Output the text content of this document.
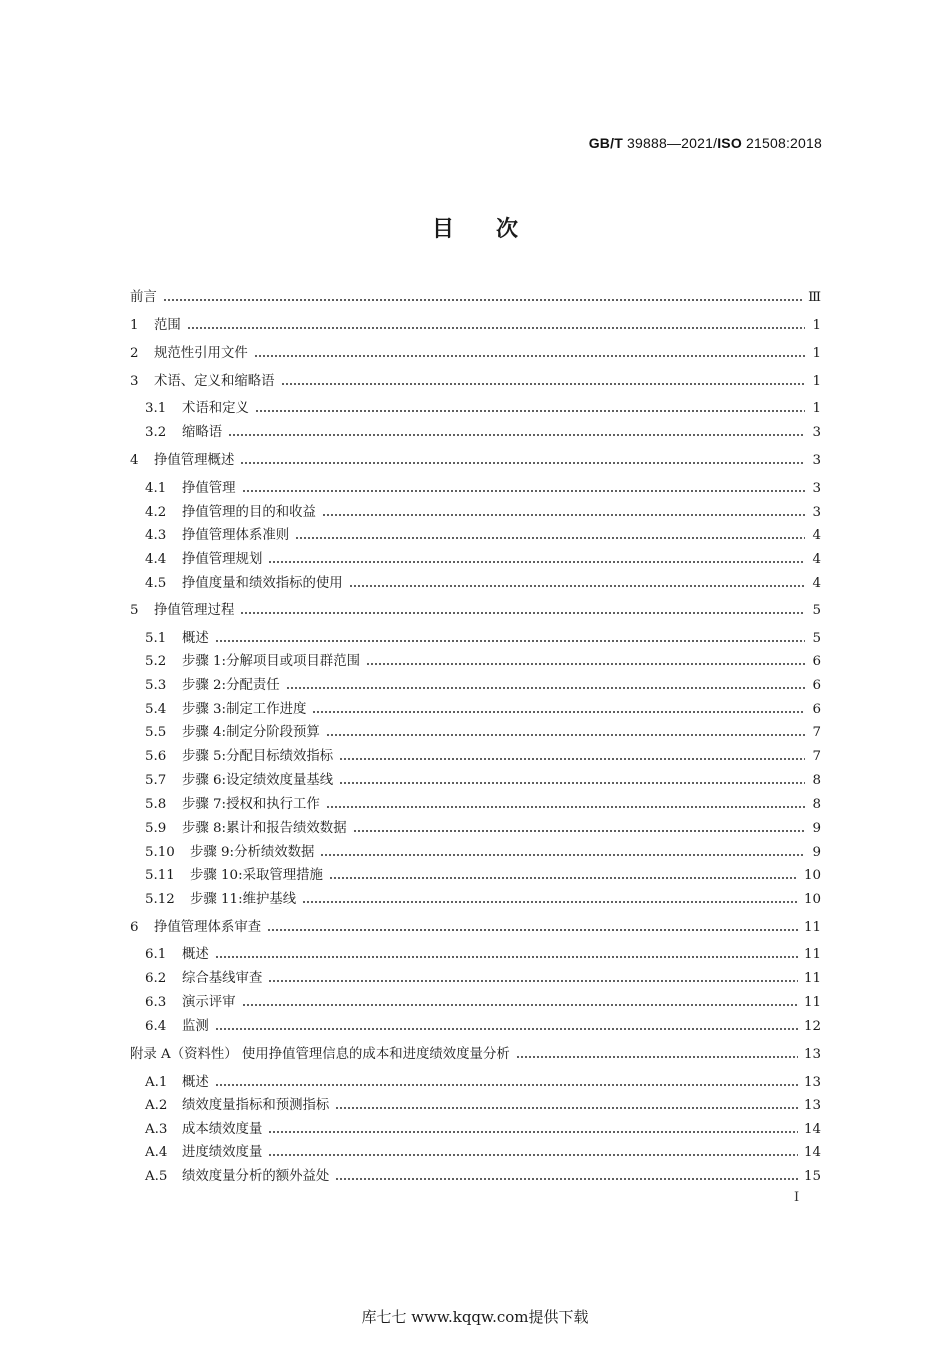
GB/T 39888—2021/ISO 21508:2018
目次
前言	Ⅲ
1	范围	1
2	规范性引用文件	1
3	术语、定义和缩略语	1
3.1	术语和定义	1
3.2	缩略语	3
4	挣值管理概述	3
4.1	挣值管理	3
4.2	挣值管理的目的和收益	3
4.3	挣值管理体系准则	4
4.4	挣值管理规划	4
4.5	挣值度量和绩效指标的使用	4
5	挣值管理过程	5
5.1	概述	5
5.2	步骤 1:分解项目或项目群范围	6
5.3	步骤 2:分配责任	6
5.4	步骤 3:制定工作进度	6
5.5	步骤 4:制定分阶段预算	7
5.6	步骤 5:分配目标绩效指标	7
5.7	步骤 6:设定绩效度量基线	8
5.8	步骤 7:授权和执行工作	8
5.9	步骤 8:累计和报告绩效数据	9
5.10	步骤 9:分析绩效数据	9
5.11	步骤 10:采取管理措施	10
5.12	步骤 11:维护基线	10
6	挣值管理体系审查	11
6.1	概述	11
6.2	综合基线审查	11
6.3	演示评审	11
6.4	监测	12
附录 A（资料性） 使用挣值管理信息的成本和进度绩效度量分析	13
A.1	概述	13
A.2	绩效度量指标和预测指标	13
A.3	成本绩效度量	14
A.4	进度绩效度量	14
A.5	绩效度量分析的额外益处	15
I
库七七 www.kqqw.com提供下载
